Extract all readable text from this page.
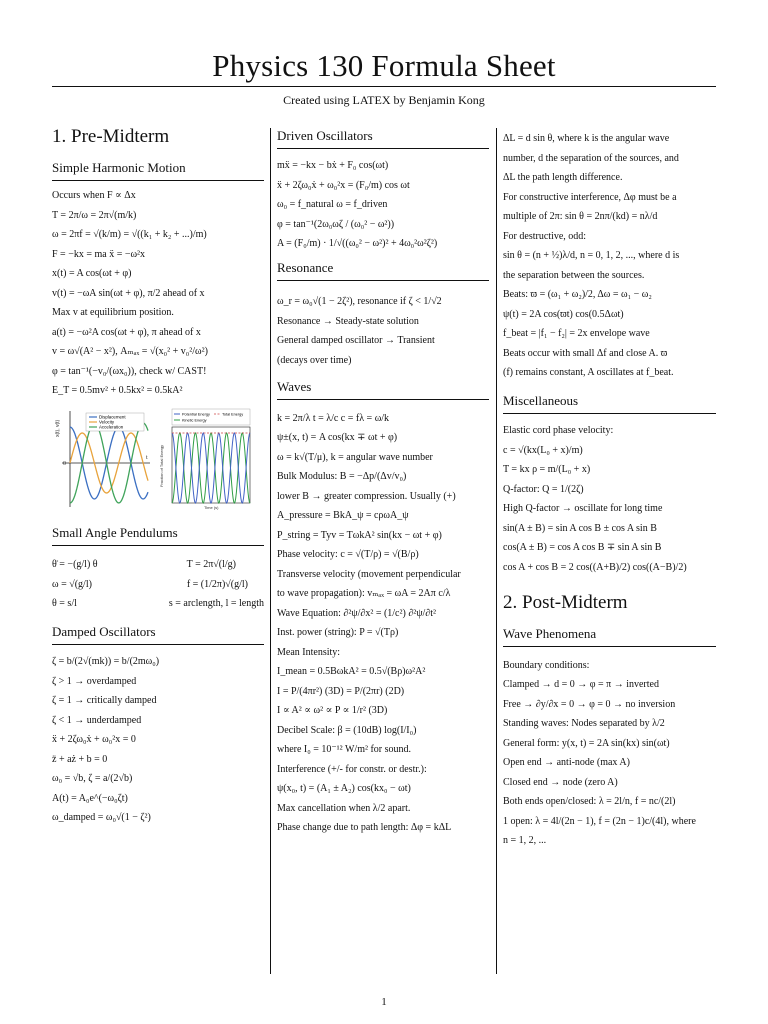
Physics 130 Formula Sheet
Created using LATEX by Benjamin Kong
1. Pre-Midterm
Simple Harmonic Motion
Occurs when F ∝ Δx
T = 2π/ω = 2π√(m/k)
ω = 2πf = √(k/m) = √((k₁ + k₂ + ...)/m)
F = −kx = ma ẍ = −ω²x
x(t) = A cos(ωt + φ)
v(t) = −ωA sin(ωt + φ), π/2 ahead of x
Max v at equilibrium position.
a(t) = −ω²A cos(ωt + φ), π ahead of x
v = ω√(A² − x²), Aₘₐₓ = √(x₀² + v₀²/ω²)
φ = tan⁻¹(−v₀/(ωx₀)), check w/ CAST!
E_T = 0.5mv² + 0.5kx² = 0.5kA²
x(t), v(t)
t
0
Displacement
Velocity
Acceleration
Fraction of Total Energy
Time (s)
Potential Energy	Total Energy
Kinetic Energy
Small Angle Pendulums
θ̈ = −(g/l) θ	T = 2π√(l/g)
ω = √(g/l)	f = (1/2π)√(g/l)
θ = s/l	s = arclength, l = length
Damped Oscillators
ζ = b/(2√(mk)) = b/(2mω₀)
ζ > 1 → overdamped
ζ = 1 → critically damped
ζ < 1 → underdamped
ẍ + 2ζω₀ẋ + ω₀²x = 0
z̈ + aż + b = 0
ω₀ = √b, ζ = a/(2√b)
A(t) = A₀e^(−ω₀ζt)
ω_damped = ω₀√(1 − ζ²)
Driven Oscillators
mẍ = −kx − bẋ + F₀ cos(ωt)
ẍ + 2ζω₀ẋ + ω₀²x = (F₀/m) cos ωt
ω₀ = f_natural ω = f_driven
φ = tan⁻¹(2ω₀ωζ / (ω₀² − ω²))
A = (F₀/m) · 1/√((ω₀² − ω²)² + 4ω₀²ω²ζ²)
Resonance
ω_r = ω₀√(1 − 2ζ²), resonance if ζ < 1/√2
Resonance → Steady-state solution
General damped oscillator → Transient
(decays over time)
Waves
k = 2π/λ t = λ/c c = fλ = ω/k
ψ±(x, t) = A cos(kx ∓ ωt + φ)
ω = k√(T/μ), k = angular wave number
Bulk Modulus: B = −Δp/(Δv/v₀)
lower B → greater compression. Usually (+)
A_pressure = BkA_ψ = cρωA_ψ
P_string = Tyv = TωkA² sin(kx − ωt + φ)
Phase velocity: c = √(T/ρ) = √(B/ρ)
Transverse velocity (movement perpendicular
to wave propagation): vₘₐₓ = ωA = 2Aπ c/λ
Wave Equation: ∂²ψ/∂x² = (1/c²) ∂²ψ/∂t²
Inst. power (string): P = √(Tρ)
Mean Intensity:
I_mean = 0.5BωkA² = 0.5√(Bρ)ω²A²
I = P/(4πr²) (3D) = P/(2πr) (2D)
I ∝ A² ∝ ω² ∝ P ∝ 1/r² (3D)
Decibel Scale: β = (10dB) log(I/I₀)
where I₀ = 10⁻¹² W/m² for sound.
Interference (+/- for constr. or destr.):
ψ(x₀, t) = (A₁ ± A₂) cos(kx₀ − ωt)
Max cancellation when λ/2 apart.
Phase change due to path length: Δφ = kΔL
ΔL = d sin θ, where k is the angular wave
number, d the separation of the sources, and
ΔL the path length difference.
For constructive interference, Δφ must be a
multiple of 2π: sin θ = 2nπ/(kd) = nλ/d
For destructive, odd:
sin θ = (n + ½)λ/d, n = 0, 1, 2, ..., where d is
the separation between the sources.
Beats: ϖ = (ω₁ + ω₂)/2, Δω = ω₁ − ω₂
ψ(t) = 2A cos(ϖt) cos(0.5Δωt)
f_beat = |f₁ − f₂| = 2x envelope wave
Beats occur with small Δf and close A. ϖ
(f) remains constant, A oscillates at f_beat.
Miscellaneous
Elastic cord phase velocity:
c = √(kx(L₀ + x)/m)
T = kx ρ = m/(L₀ + x)
Q-factor: Q = 1/(2ζ)
High Q-factor → oscillate for long time
sin(A ± B) = sin A cos B ± cos A sin B
cos(A ± B) = cos A cos B ∓ sin A sin B
cos A + cos B = 2 cos((A+B)/2) cos((A−B)/2)
2. Post-Midterm
Wave Phenomena
Boundary conditions:
Clamped → d = 0 → φ = π → inverted
Free → ∂y/∂x = 0 → φ = 0 → no inversion
Standing waves: Nodes separated by λ/2
General form: y(x, t) = 2A sin(kx) sin(ωt)
Open end → anti-node (max A)
Closed end → node (zero A)
Both ends open/closed: λ = 2l/n, f = nc/(2l)
1 open: λ = 4l/(2n − 1), f = (2n − 1)c/(4l), where
n = 1, 2, ...
1
